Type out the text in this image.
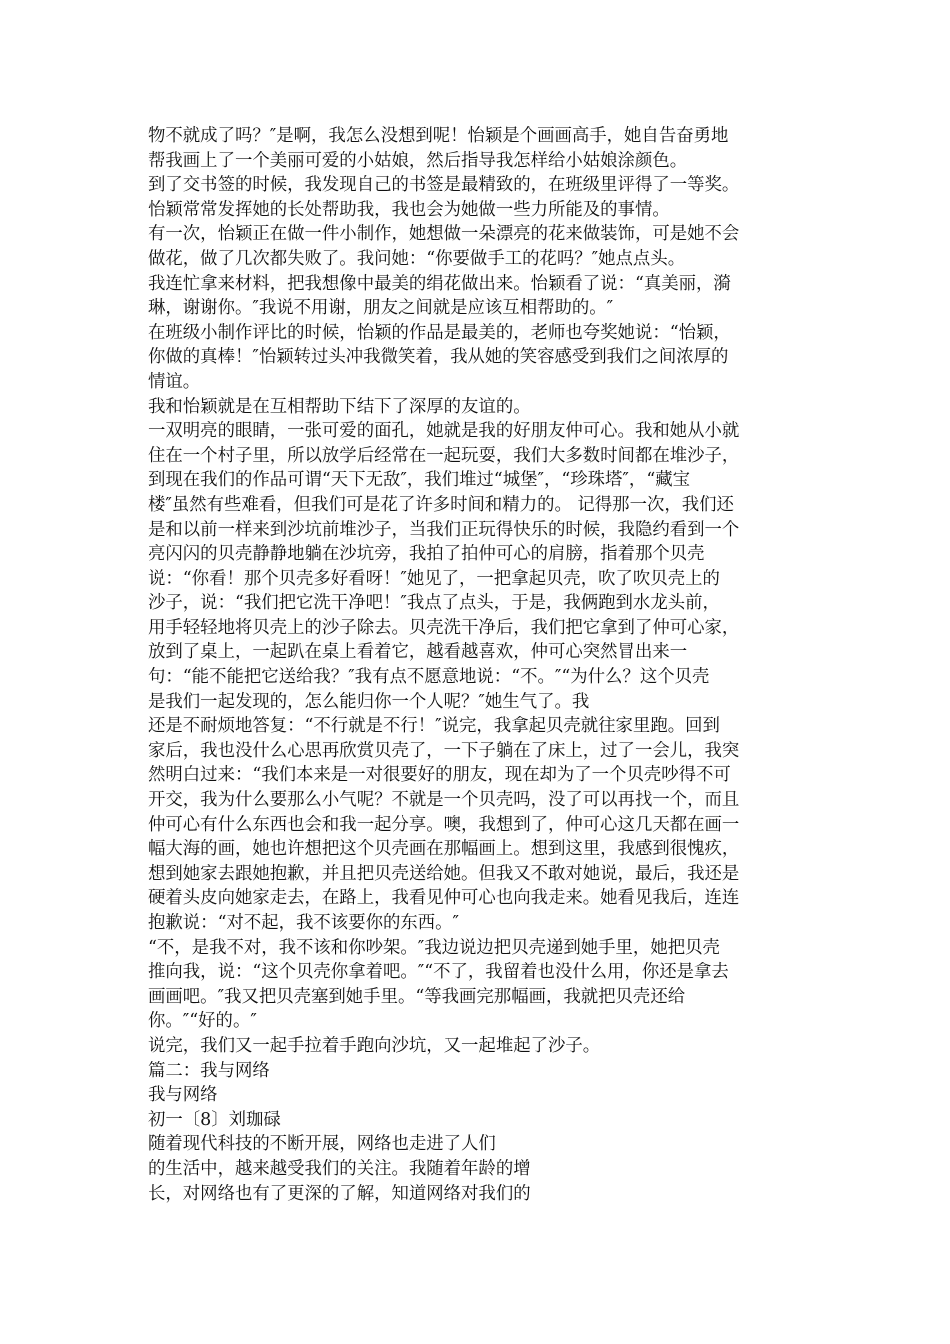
物不就成了吗？″是啊，我怎么没想到呢！怡颖是个画画高手，她自告奋勇地
帮我画上了一个美丽可爱的小姑娘，然后指导我怎样给小姑娘涂颜色。
到了交书签的时候，我发现自己的书签是最精致的，在班级里评得了一等奖。
怡颖常常发挥她的长处帮助我，我也会为她做一些力所能及的事情。
有一次，怡颖正在做一件小制作，她想做一朵漂亮的花来做装饰，可是她不会
做花，做了几次都失败了。我问她：“你要做手工的花吗？″她点点头。
我连忙拿来材料，把我想像中最美的绢花做出来。怡颖看了说：“真美丽，漪
琳，谢谢你。″我说不用谢，朋友之间就是应该互相帮助的。″
在班级小制作评比的时候，怡颖的作品是最美的，老师也夸奖她说：“怡颖，
你做的真棒！″怡颖转过头冲我微笑着，我从她的笑容感受到我们之间浓厚的
情谊。
我和怡颖就是在互相帮助下结下了深厚的友谊的。
一双明亮的眼睛，一张可爱的面孔，她就是我的好朋友仲可心。我和她从小就
住在一个村子里，所以放学后经常在一起玩耍，我们大多数时间都在堆沙子，
到现在我们的作品可谓“天下无敌″，我们堆过“城堡″，“珍珠塔″，“藏宝
楼″虽然有些难看，但我们可是花了许多时间和精力的。 记得那一次，我们还
是和以前一样来到沙坑前堆沙子，当我们正玩得快乐的时候，我隐约看到一个
亮闪闪的贝壳静静地躺在沙坑旁，我拍了拍仲可心的肩膀，指着那个贝壳
说：“你看！那个贝壳多好看呀！″她见了，一把拿起贝壳，吹了吹贝壳上的
沙子，说：“我们把它洗干净吧！″我点了点头，于是，我俩跑到水龙头前，
用手轻轻地将贝壳上的沙子除去。贝壳洗干净后，我们把它拿到了仲可心家，
放到了桌上，一起趴在桌上看着它，越看越喜欢，仲可心突然冒出来一
句：“能不能把它送给我？″我有点不愿意地说：“不。″“为什么？这个贝壳
是我们一起发现的，怎么能归你一个人呢？″她生气了。我
还是不耐烦地答复：“不行就是不行！″说完，我拿起贝壳就往家里跑。回到
家后，我也没什么心思再欣赏贝壳了，一下子躺在了床上，过了一会儿，我突
然明白过来：“我们本来是一对很要好的朋友，现在却为了一个贝壳吵得不可
开交，我为什么要那么小气呢？不就是一个贝壳吗，没了可以再找一个，而且
仲可心有什么东西也会和我一起分享。噢，我想到了，仲可心这几天都在画一
幅大海的画，她也许想把这个贝壳画在那幅画上。想到这里，我感到很愧疚，
想到她家去跟她抱歉，并且把贝壳送给她。但我又不敢对她说，最后，我还是
硬着头皮向她家走去，在路上，我看见仲可心也向我走来。她看见我后，连连
抱歉说：“对不起，我不该要你的东西。″
“不，是我不对，我不该和你吵架。″我边说边把贝壳递到她手里，她把贝壳
推向我，说：“这个贝壳你拿着吧。″“不了，我留着也没什么用，你还是拿去
画画吧。″我又把贝壳塞到她手里。“等我画完那幅画，我就把贝壳还给
你。″“好的。″
说完，我们又一起手拉着手跑向沙坑，又一起堆起了沙子。
篇二：我与网络
我与网络
初一〔8〕刘珈碌
随着现代科技的不断开展，网络也走进了人们
的生活中，越来越受我们的关注。我随着年龄的增
长，对网络也有了更深的了解，知道网络对我们的
